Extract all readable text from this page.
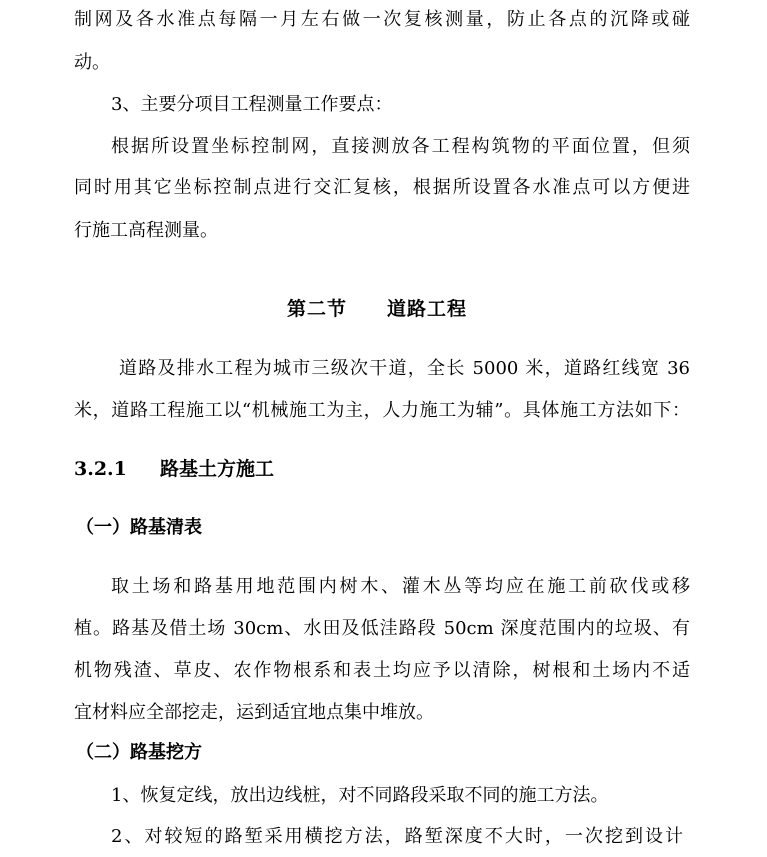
制网及各水准点每隔一月左右做一次复核测量，防止各点的沉降或碰

动。

3、主要分项目工程测量工作要点：

根据所设置坐标控制网，直接测放各工程构筑物的平面位置，但须

同时用其它坐标控制点进行交汇复核，根据所设置各水准点可以方便进

行施工高程测量。

第二节 道路工程

道路及排水工程为城市三级次干道，全长 5000 米，道路红线宽 36

米，道路工程施工以“机械施工为主，人力施工为辅”。具体施工方法如下：

3.2.1 路基土方施工

（一）路基清表

取土场和路基用地范围内树木、灌木丛等均应在施工前砍伐或移

植。路基及借土场 30cm、水田及低洼路段 50cm 深度范围内的垃圾、有

机物残渣、草皮、农作物根系和表土均应予以清除，树根和土场内不适

宜材料应全部挖走，运到适宜地点集中堆放。

（二）路基挖方

1、恢复定线，放出边线桩，对不同路段采取不同的施工方法。

2、对较短的路堑采用横挖方法，路堑深度不大时，一次挖到设计
